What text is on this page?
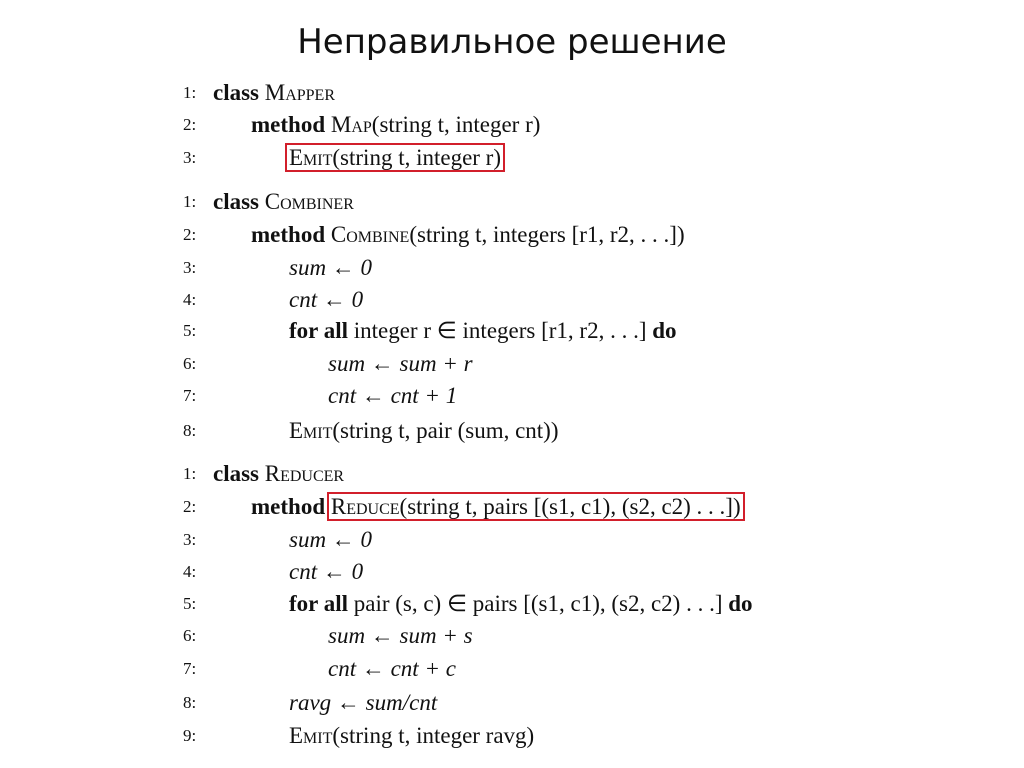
Неправильное решение
1: class Mapper
2:	method Map(string t, integer r)
3:	Emit(string t, integer r)
1: class Combiner
2:	method Combine(string t, integers [r1, r2, . . .])
3:	sum ← 0
4:	cnt ← 0
5:	for all integer r ∈ integers [r1, r2, . . .] do
6:	sum ← sum + r
7:	cnt ← cnt + 1
8:	Emit(string t, pair (sum, cnt))
1: class Reducer
2:	method Reduce(string t, pairs [(s1, c1), (s2, c2) . . .])
3:	sum ← 0
4:	cnt ← 0
5:	for all pair (s, c) ∈ pairs [(s1, c1), (s2, c2) . . .] do
6:	sum ← sum + s
7:	cnt ← cnt + c
8:	ravg ← sum/cnt
9:	Emit(string t, integer ravg)
